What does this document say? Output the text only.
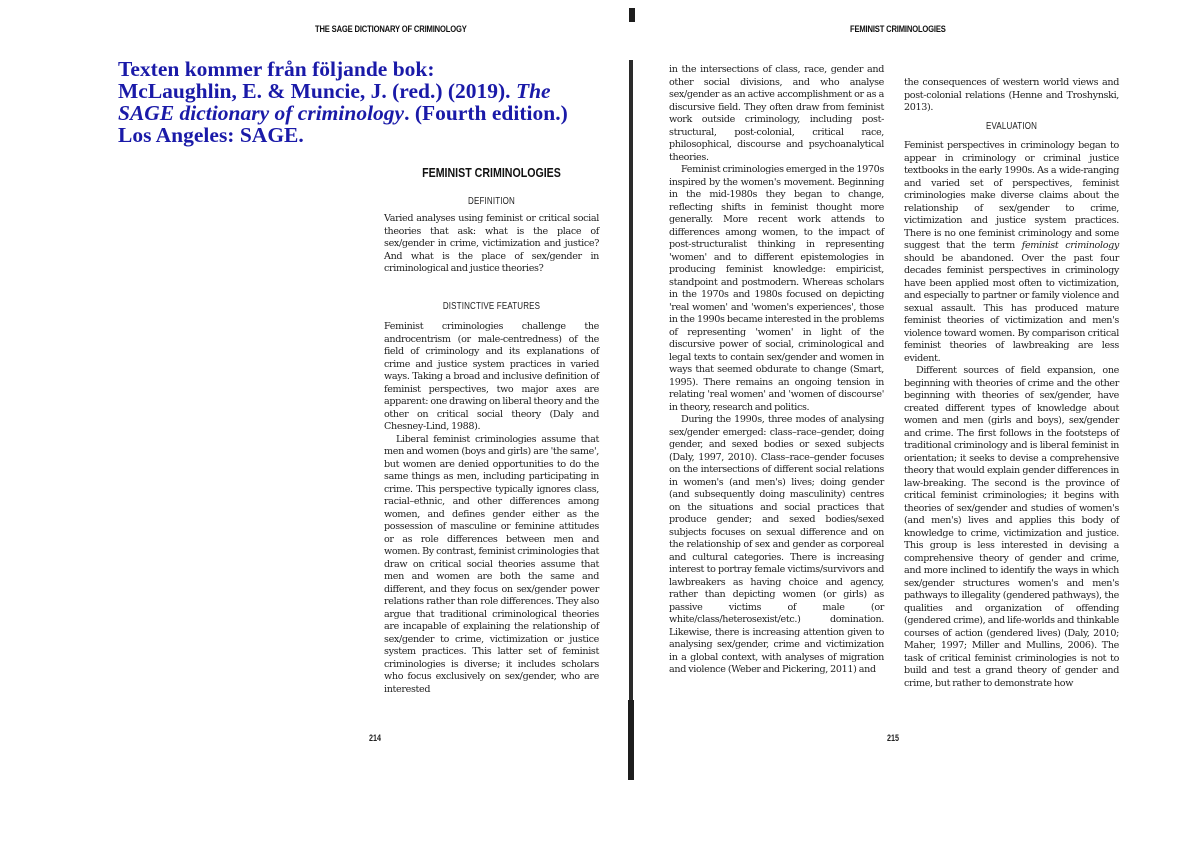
THE SAGE DICTIONARY OF CRIMINOLOGY
Texten kommer från följande bok:
McLaughlin, E. & Muncie, J. (red.) (2019). The
SAGE dictionary of criminology. (Fourth edition.)
Los Angeles: SAGE.
FEMINIST CRIMINOLOGIES
DEFINITION

Varied analyses using feminist or critical social theories that ask: what is the place of sex/gender in crime, victimization and justice? And what is the place of sex/gender in criminological and justice theories?

DISTINCTIVE FEATURES

Feminist criminologies challenge the androcentrism (or male-centredness) of the field of criminology and its explanations of crime and justice system practices in varied ways. Taking a broad and inclusive definition of feminist perspectives, two major axes are apparent: one drawing on liberal theory and the other on critical social theory (Daly and Chesney-Lind, 1988).

Liberal feminist criminologies assume that men and women (boys and girls) are 'the same', but women are denied opportunities to do the same things as men, including participating in crime. This perspective typically ignores class, racial–ethnic, and other differences among women, and defines gender either as the possession of masculine or feminine attitudes or as role differences between men and women. By contrast, feminist criminologies that draw on critical social theories assume that men and women are both the same and different, and they focus on sex/gender power relations rather than role differences. They also argue that traditional criminological theories are incapable of explaining the relationship of sex/gender to crime, victimization or justice system practices. This latter set of feminist criminologies is diverse; it includes scholars who focus exclusively on sex/gender, who are interested

214
FEMINIST CRIMINOLOGIES

in the intersections of class, race, gender and other social divisions, and who analyse sex/gender as an active accomplishment or as a discursive field. They often draw from feminist work outside criminology, including post-structural, post-colonial, critical race, philosophical, discourse and psychoanalytical theories.

Feminist criminologies emerged in the 1970s inspired by the women's movement. Beginning in the mid-1980s they began to change, reflecting shifts in feminist thought more generally. More recent work attends to differences among women, to the impact of post-structuralist thinking in representing 'women' and to different epistemologies in producing feminist knowledge: empiricist, standpoint and postmodern. Whereas scholars in the 1970s and 1980s focused on depicting 'real women' and 'women's experiences', those in the 1990s became interested in the problems of representing 'women' in light of the discursive power of social, criminological and legal texts to contain sex/gender and women in ways that seemed obdurate to change (Smart, 1995). There remains an ongoing tension in relating 'real women' and 'women of discourse' in theory, research and politics.

During the 1990s, three modes of analysing sex/gender emerged: class–race–gender, doing gender, and sexed bodies or sexed subjects (Daly, 1997, 2010). Class–race–gender focuses on the intersections of different social relations in women's (and men's) lives; doing gender (and subsequently doing masculinity) centres on the situations and social practices that produce gender; and sexed bodies/sexed subjects focuses on sexual difference and on the relationship of sex and gender as corporeal and cultural categories. There is increasing interest to portray female victims/survivors and lawbreakers as having choice and agency, rather than depicting women (or girls) as passive victims of male (or white/class/heterosexist/etc.) domination. Likewise, there is increasing attention given to analysing sex/gender, crime and victimization in a global context, with analyses of migration and violence (Weber and Pickering, 2011) and

the consequences of western world views and post-colonial relations (Henne and Troshynski, 2013).

EVALUATION

Feminist perspectives in criminology began to appear in criminology or criminal justice textbooks in the early 1990s. As a wide-ranging and varied set of perspectives, feminist criminologies make diverse claims about the relationship of sex/gender to crime, victimization and justice system practices. There is no one feminist criminology and some suggest that the term feminist criminology should be abandoned. Over the past four decades feminist perspectives in criminology have been applied most often to victimization, and especially to partner or family violence and sexual assault. This has produced mature feminist theories of victimization and men's violence toward women. By comparison critical feminist theories of lawbreaking are less evident.

Different sources of field expansion, one beginning with theories of crime and the other beginning with theories of sex/gender, have created different types of knowledge about women and men (girls and boys), sex/gender and crime. The first follows in the footsteps of traditional criminology and is liberal feminist in orientation; it seeks to devise a comprehensive theory that would explain gender differences in law-breaking. The second is the province of critical feminist criminologies; it begins with theories of sex/gender and studies of women's (and men's) lives and applies this body of knowledge to crime, victimization and justice. This group is less interested in devising a comprehensive theory of gender and crime, and more inclined to identify the ways in which sex/gender structures women's and men's pathways to illegality (gendered pathways), the qualities and organization of offending (gendered crime), and life-worlds and thinkable courses of action (gendered lives) (Daly, 2010; Maher, 1997; Miller and Mullins, 2006). The task of critical feminist criminologies is not to build and test a grand theory of gender and crime, but rather to demonstrate how

215
